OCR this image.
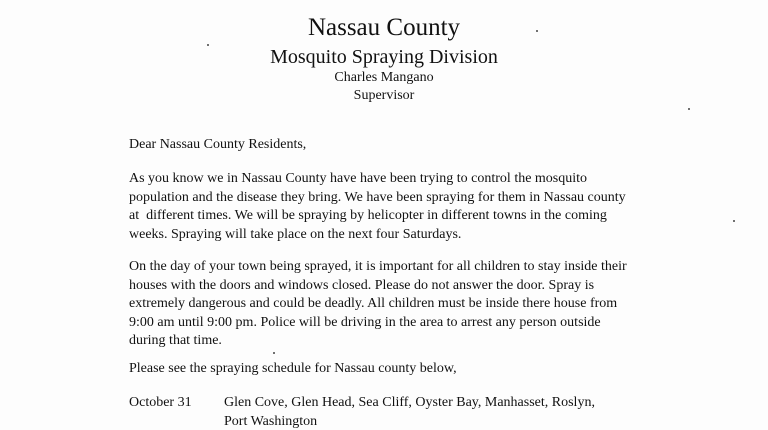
Nassau County
Mosquito Spraying Division
Charles Mangano
Supervisor
Dear Nassau County Residents,
As you know we in Nassau County have have been trying to control the mosquito
population and the disease they bring. We have been spraying for them in Nassau county
at  different times. We will be spraying by helicopter in different towns in the coming
weeks. Spraying will take place on the next four Saturdays.
On the day of your town being sprayed, it is important for all children to stay inside their
houses with the doors and windows closed. Please do not answer the door. Spray is
extremely dangerous and could be deadly. All children must be inside there house from
9:00 am until 9:00 pm. Police will be driving in the area to arrest any person outside
during that time.
Please see the spraying schedule for Nassau county below,
October 31 Glen Cove, Glen Head, Sea Cliff, Oyster Bay, Manhasset, Roslyn,
Port Washington
